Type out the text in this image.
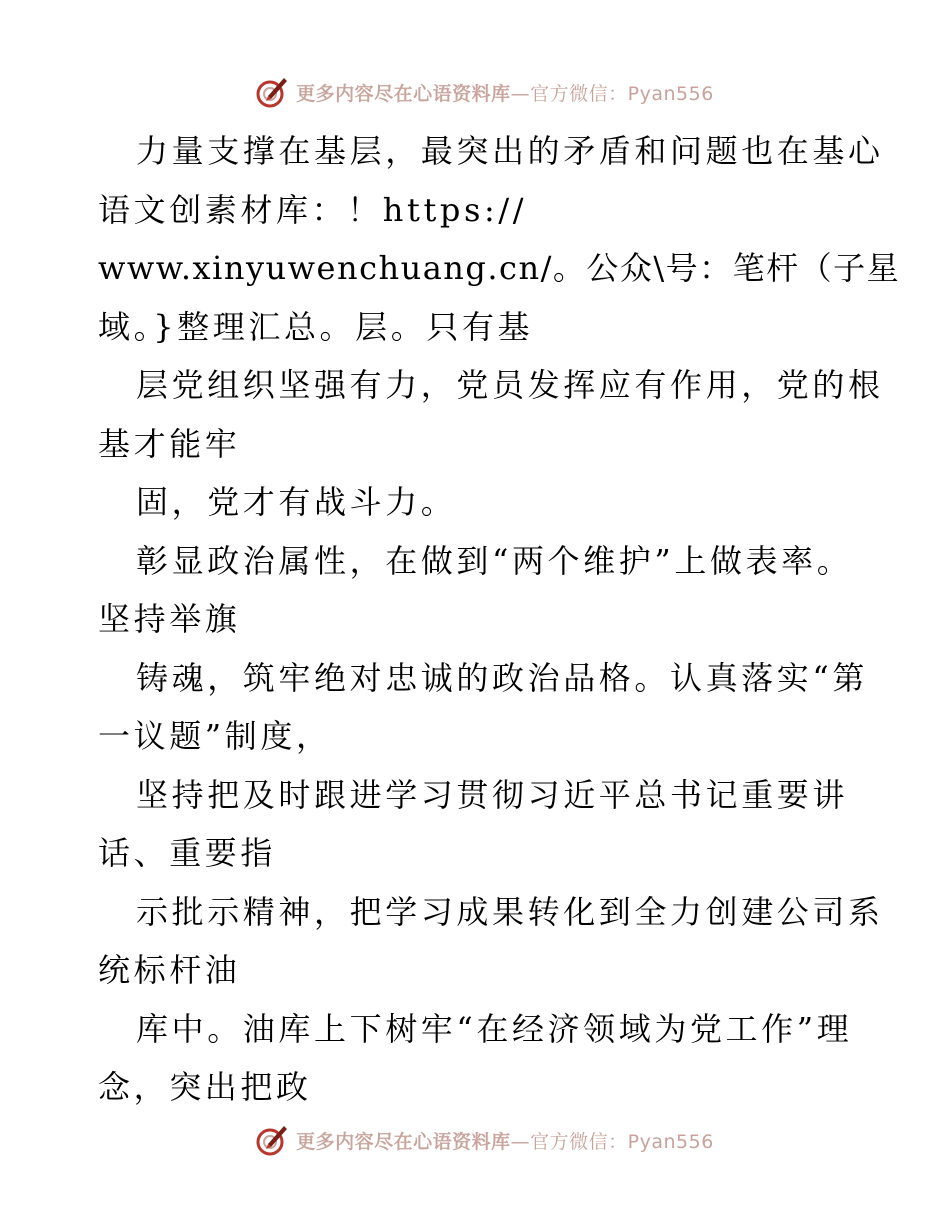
更多内容尽在心语资料库—官方微信：Pyan556
力量支撑在基层，最突出的矛盾和问题也在基心
语文创素材库：！https://
www.xinyuwenchuang.cn/。公众\号：笔杆（子星
域。}整理汇总。层。只有基
层党组织坚强有力，党员发挥应有作用，党的根
基才能牢
固，党才有战斗力。
彰显政治属性，在做到“两个维护”上做表率。
坚持举旗
铸魂，筑牢绝对忠诚的政治品格。认真落实“第
一议题”制度，
坚持把及时跟进学习贯彻习近平总书记重要讲
话、重要指
示批示精神，把学习成果转化到全力创建公司系
统标杆油
库中。油库上下树牢“在经济领域为党工作”理
念，突出把政
更多内容尽在心语资料库—官方微信：Pyan556
